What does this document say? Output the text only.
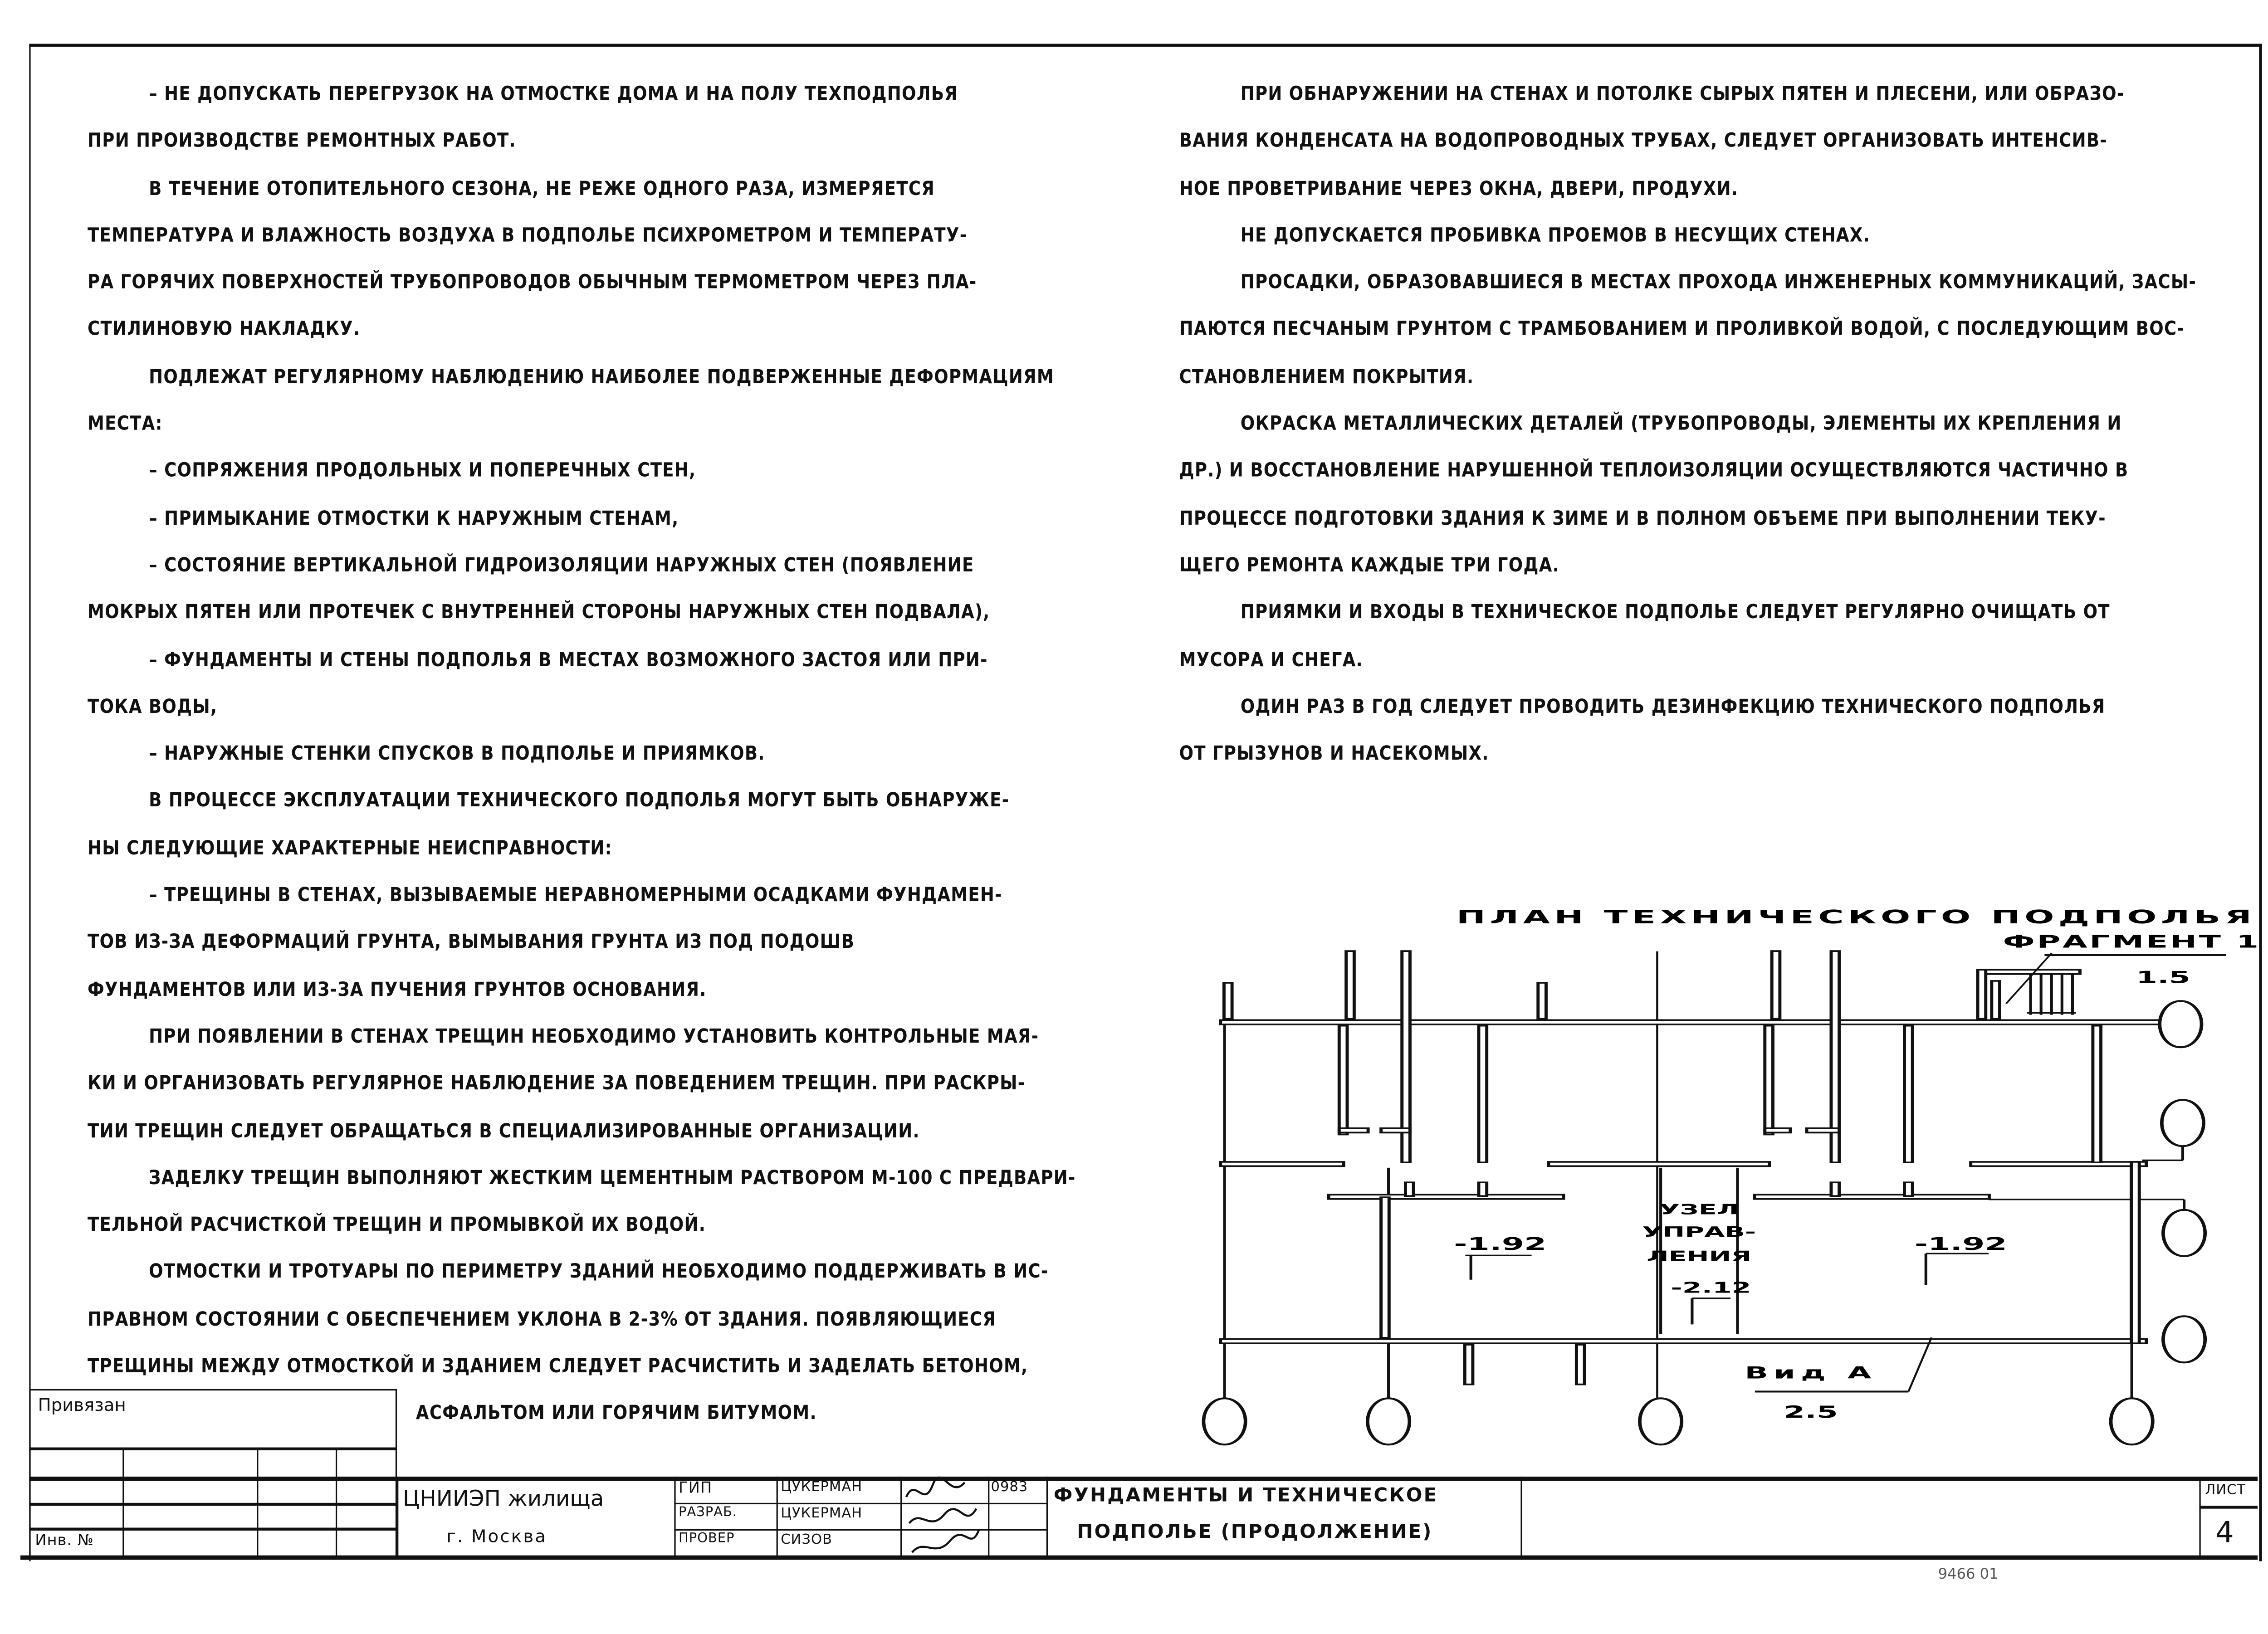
– НЕ ДОПУСКАТЬ ПЕРЕГРУЗОК НА ОТМОСТКЕ ДОМА И НА ПОЛУ ТЕХПОДПОЛЬЯ
ПРИ ПРОИЗВОДСТВЕ РЕМОНТНЫХ РАБОТ.
В ТЕЧЕНИЕ ОТОПИТЕЛЬНОГО СЕЗОНА, НЕ РЕЖЕ ОДНОГО РАЗА, ИЗМЕРЯЕТСЯ
ТЕМПЕРАТУРА И ВЛАЖНОСТЬ ВОЗДУХА В ПОДПОЛЬЕ ПСИХРОМЕТРОМ И ТЕМПЕРАТУ-
РА ГОРЯЧИХ ПОВЕРХНОСТЕЙ ТРУБОПРОВОДОВ ОБЫЧНЫМ ТЕРМОМЕТРОМ ЧЕРЕЗ ПЛА-
СТИЛИНОВУЮ НАКЛАДКУ.
ПОДЛЕЖАТ РЕГУЛЯРНОМУ НАБЛЮДЕНИЮ НАИБОЛЕЕ ПОДВЕРЖЕННЫЕ ДЕФОРМАЦИЯМ
МЕСТА:
– СОПРЯЖЕНИЯ ПРОДОЛЬНЫХ И ПОПЕРЕЧНЫХ СТЕН,
– ПРИМЫКАНИЕ ОТМОСТКИ К НАРУЖНЫМ СТЕНАМ,
– СОСТОЯНИЕ ВЕРТИКАЛЬНОЙ ГИДРОИЗОЛЯЦИИ НАРУЖНЫХ СТЕН (ПОЯВЛЕНИЕ
МОКРЫХ ПЯТЕН ИЛИ ПРОТЕЧЕК С ВНУТРЕННЕЙ СТОРОНЫ НАРУЖНЫХ СТЕН ПОДВАЛА),
– ФУНДАМЕНТЫ И СТЕНЫ ПОДПОЛЬЯ В МЕСТАХ ВОЗМОЖНОГО ЗАСТОЯ ИЛИ ПРИ-
ТОКА ВОДЫ,
– НАРУЖНЫЕ СТЕНКИ СПУСКОВ В ПОДПОЛЬЕ И ПРИЯМКОВ.
В ПРОЦЕССЕ ЭКСПЛУАТАЦИИ ТЕХНИЧЕСКОГО ПОДПОЛЬЯ МОГУТ БЫТЬ ОБНАРУЖЕ-
НЫ СЛЕДУЮЩИЕ ХАРАКТЕРНЫЕ НЕИСПРАВНОСТИ:
– ТРЕЩИНЫ В СТЕНАХ, ВЫЗЫВАЕМЫЕ НЕРАВНОМЕРНЫМИ ОСАДКАМИ ФУНДАМЕН-
ТОВ ИЗ-ЗА ДЕФОРМАЦИЙ ГРУНТА, ВЫМЫВАНИЯ ГРУНТА ИЗ ПОД ПОДОШВ
ФУНДАМЕНТОВ ИЛИ ИЗ-ЗА ПУЧЕНИЯ ГРУНТОВ ОСНОВАНИЯ.
ПРИ ПОЯВЛЕНИИ В СТЕНАХ ТРЕЩИН НЕОБХОДИМО УСТАНОВИТЬ КОНТРОЛЬНЫЕ МАЯ-
КИ И ОРГАНИЗОВАТЬ РЕГУЛЯРНОЕ НАБЛЮДЕНИЕ ЗА ПОВЕДЕНИЕМ ТРЕЩИН. ПРИ РАСКРЫ-
ТИИ ТРЕЩИН СЛЕДУЕТ ОБРАЩАТЬСЯ В СПЕЦИАЛИЗИРОВАННЫЕ ОРГАНИЗАЦИИ.
ЗАДЕЛКУ ТРЕЩИН ВЫПОЛНЯЮТ ЖЕСТКИМ ЦЕМЕНТНЫМ РАСТВОРОМ М-100 С ПРЕДВАРИ-
ТЕЛЬНОЙ РАСЧИСТКОЙ ТРЕЩИН И ПРОМЫВКОЙ ИХ ВОДОЙ.
ОТМОСТКИ И ТРОТУАРЫ ПО ПЕРИМЕТРУ ЗДАНИЙ НЕОБХОДИМО ПОДДЕРЖИВАТЬ В ИС-
ПРАВНОМ СОСТОЯНИИ С ОБЕСПЕЧЕНИЕМ УКЛОНА В 2-3% ОТ ЗДАНИЯ. ПОЯВЛЯЮЩИЕСЯ
ТРЕЩИНЫ МЕЖДУ ОТМОСТКОЙ И ЗДАНИЕМ СЛЕДУЕТ РАСЧИСТИТЬ И ЗАДЕЛАТЬ БЕТОНОМ,
АСФАЛЬТОМ ИЛИ ГОРЯЧИМ БИТУМОМ.
ПРИ ОБНАРУЖЕНИИ НА СТЕНАХ И ПОТОЛКЕ СЫРЫХ ПЯТЕН И ПЛЕСЕНИ, ИЛИ ОБРАЗО-
ВАНИЯ КОНДЕНСАТА НА ВОДОПРОВОДНЫХ ТРУБАХ, СЛЕДУЕТ ОРГАНИЗОВАТЬ ИНТЕНСИВ-
НОЕ ПРОВЕТРИВАНИЕ ЧЕРЕЗ ОКНА, ДВЕРИ, ПРОДУХИ.
НЕ ДОПУСКАЕТСЯ ПРОБИВКА ПРОЕМОВ В НЕСУЩИХ СТЕНАХ.
ПРОСАДКИ, ОБРАЗОВАВШИЕСЯ В МЕСТАХ ПРОХОДА ИНЖЕНЕРНЫХ КОММУНИКАЦИЙ, ЗАСЫ-
ПАЮТСЯ ПЕСЧАНЫМ ГРУНТОМ С ТРАМБОВАНИЕМ И ПРОЛИВКОЙ ВОДОЙ, С ПОСЛЕДУЮЩИМ ВОС-
СТАНОВЛЕНИЕМ ПОКРЫТИЯ.
ОКРАСКА МЕТАЛЛИЧЕСКИХ ДЕТАЛЕЙ (ТРУБОПРОВОДЫ, ЭЛЕМЕНТЫ ИХ КРЕПЛЕНИЯ И
ДР.) И ВОССТАНОВЛЕНИЕ НАРУШЕННОЙ ТЕПЛОИЗОЛЯЦИИ ОСУЩЕСТВЛЯЮТСЯ ЧАСТИЧНО В
ПРОЦЕССЕ ПОДГОТОВКИ ЗДАНИЯ К ЗИМЕ И В ПОЛНОМ ОБЪЕМЕ ПРИ ВЫПОЛНЕНИИ ТЕКУ-
ЩЕГО РЕМОНТА КАЖДЫЕ ТРИ ГОДА.
ПРИЯМКИ И ВХОДЫ В ТЕХНИЧЕСКОЕ ПОДПОЛЬЕ СЛЕДУЕТ РЕГУЛЯРНО ОЧИЩАТЬ ОТ
МУСОРА И СНЕГА.
ОДИН РАЗ В ГОД СЛЕДУЕТ ПРОВОДИТЬ ДЕЗИНФЕКЦИЮ ТЕХНИЧЕСКОГО ПОДПОЛЬЯ
ОТ ГРЫЗУНОВ И НАСЕКОМЫХ.
ПЛАН ТЕХНИЧЕСКОГО ПОДПОЛЬЯ
ФРАГМЕНТ 1
1.5
-1.92	-1.92
-2.12
УЗЕЛ
УПРАВ-
ЛЕНИЯ
Вид А
2.5
Привязан
Инв. №
ЦНИИЭП жилища
г. Москва
ГИП
РАЗРАБ.
ПРОВЕР
ЦУКЕРМАН
ЦУКЕРМАН
СИЗОВ
0983	ФУНДАМЕНТЫ И ТЕХНИЧЕСКОЕ
ПОДПОЛЬЕ (ПРОДОЛЖЕНИЕ)
ЛИСТ
4
9466 01
